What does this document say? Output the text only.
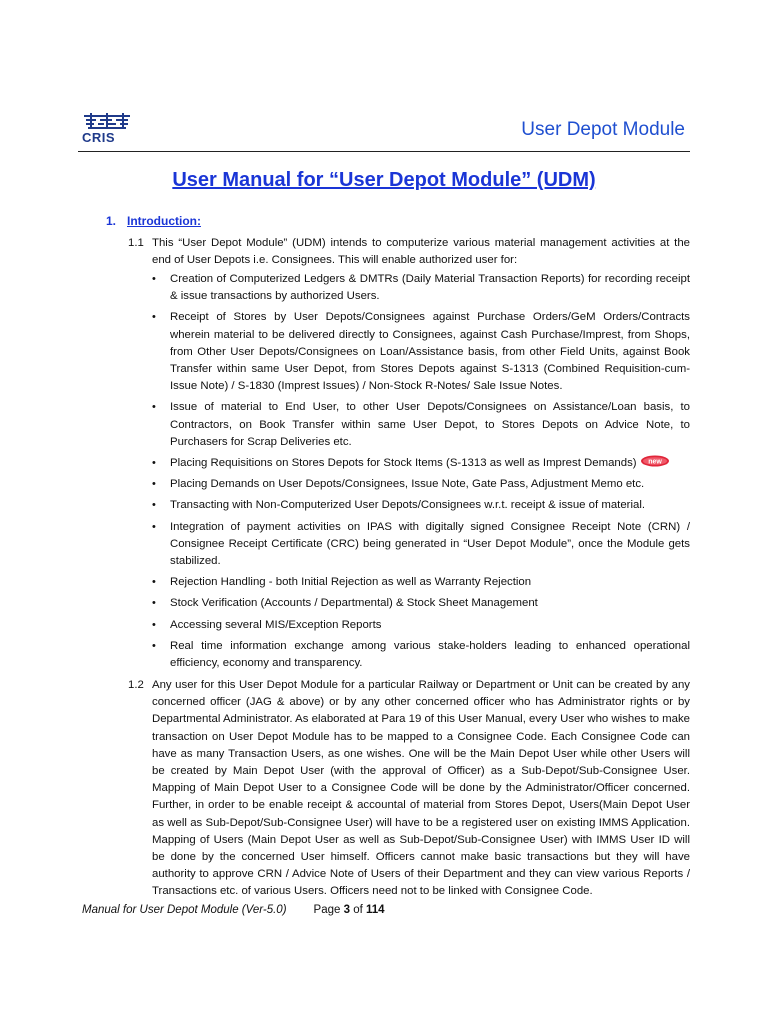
CRIS	User Depot Module
User Manual for “User Depot Module” (UDM)
1. Introduction:
1.1 This “User Depot Module” (UDM) intends to computerize various material management activities at the end of User Depots i.e. Consignees. This will enable authorized user for:
• Creation of Computerized Ledgers & DMTRs (Daily Material Transaction Reports) for recording receipt & issue transactions by authorized Users.
• Receipt of Stores by User Depots/Consignees against Purchase Orders/GeM Orders/Contracts wherein material to be delivered directly to Consignees, against Cash Purchase/Imprest, from Shops, from Other User Depots/Consignees on Loan/Assistance basis, from other Field Units, against Book Transfer within same User Depot, from Stores Depots against S-1313 (Combined Requisition-cum-Issue Note) / S-1830 (Imprest Issues) / Non-Stock R-Notes/ Sale Issue Notes.
• Issue of material to End User, to other User Depots/Consignees on Assistance/Loan basis, to Contractors, on Book Transfer within same User Depot, to Stores Depots on Advice Note, to Purchasers for Scrap Deliveries etc.
• Placing Requisitions on Stores Depots for Stock Items (S-1313 as well as Imprest Demands) new
• Placing Demands on User Depots/Consignees, Issue Note, Gate Pass, Adjustment Memo etc.
• Transacting with Non-Computerized User Depots/Consignees w.r.t. receipt & issue of material.
• Integration of payment activities on IPAS with digitally signed Consignee Receipt Note (CRN) / Consignee Receipt Certificate (CRC) being generated in “User Depot Module”, once the Module gets stabilized.
• Rejection Handling - both Initial Rejection as well as Warranty Rejection
• Stock Verification (Accounts / Departmental) & Stock Sheet Management
• Accessing several MIS/Exception Reports
• Real time information exchange among various stake-holders leading to enhanced operational efficiency, economy and transparency.
1.2 Any user for this User Depot Module for a particular Railway or Department or Unit can be created by any concerned officer (JAG & above) or by any other concerned officer who has Administrator rights or by Departmental Administrator. As elaborated at Para 19 of this User Manual, every User who wishes to make transaction on User Depot Module has to be mapped to a Consignee Code. Each Consignee Code can have as many Transaction Users, as one wishes. One will be the Main Depot User while other Users will be created by Main Depot User (with the approval of Officer) as a Sub-Depot/Sub-Consignee User. Mapping of Main Depot User to a Consignee Code will be done by the Administrator/Officer concerned. Further, in order to be enable receipt & accountal of material from Stores Depot, Users(Main Depot User as well as Sub-Depot/Sub-Consignee User) will have to be a registered user on existing IMMS Application. Mapping of Users (Main Depot User as well as Sub-Depot/Sub-Consignee User) with IMMS User ID will be done by the concerned User himself. Officers cannot make basic transactions but they will have authority to approve CRN / Advice Note of Users of their Department and they can view various Reports / Transactions etc. of various Users. Officers need not to be linked with Consignee Code.
Manual for User Depot Module (Ver-5.0) Page 3 of 114
